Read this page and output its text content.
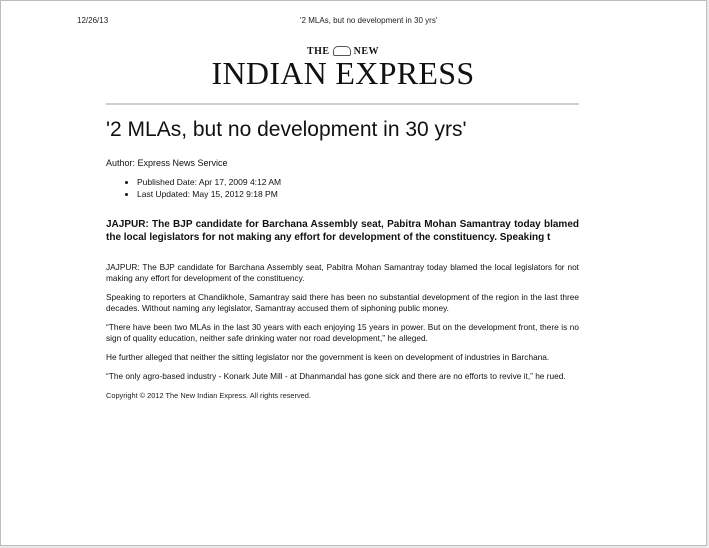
12/26/13	'2 MLAs, but no development in 30 yrs'
THE NEW
INDIAN EXPRESS
'2 MLAs, but no development in 30 yrs'

Author: Express News Service

• Published Date: Apr 17, 2009 4:12 AM
• Last Updated: May 15, 2012 9:18 PM

JAJPUR: The BJP candidate for Barchana Assembly seat, Pabitra Mohan Samantray today blamed the local legislators for not making any effort for development of the constituency. Speaking t

JAJPUR: The BJP candidate for Barchana Assembly seat, Pabitra Mohan Samantray today blamed the local legislators for not making any effort for development of the constituency.

Speaking to reporters at Chandikhole, Samantray said there has been no substantial development of the region in the last three decades. Without naming any legislator, Samantray accused them of siphoning public money.

“There have been two MLAs in the last 30 years with each enjoying 15 years in power. But on the development front, there is no sign of quality education, neither safe drinking water nor road development,” he alleged.

He further alleged that neither the sitting legislator nor the government is keen on development of industries in Barchana.

“The only agro-based industry - Konark Jute Mill - at Dhanmandal has gone sick and there are no efforts to revive it,” he rued.

Copyright © 2012 The New Indian Express. All rights reserved.
